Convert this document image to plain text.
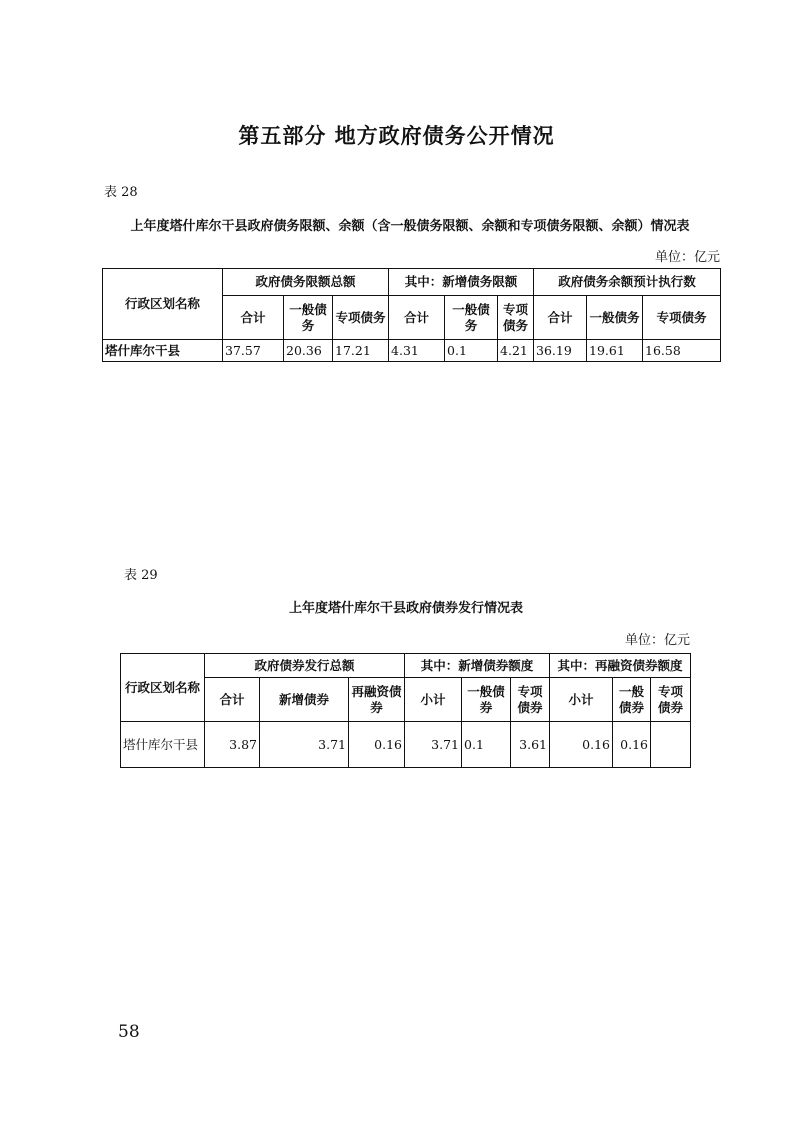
第五部分 地方政府债务公开情况
表 28
上年度塔什库尔干县政府债务限额、余额（含一般债务限额、余额和专项债务限额、余额）情况表
单位：亿元
行政区划名称	政府债务限额总额			其中：新增债务限额			政府债务余额预计执行数		
	合计	一般债务	专项债务	合计	一般债务	专项债务	合计	一般债务	专项债务
塔什库尔干县	37.57	20.36	17.21	4.31	0.1	4.21	36.19	19.61	16.58
表 29
上年度塔什库尔干县政府债券发行情况表
单位：亿元
行政区划名称	政府债券发行总额			其中：新增债券额度			其中：再融资债券额度		
	合计	新增债券	再融资债券	小计	一般债券	专项债券	小计	一般债券	专项债券
塔什库尔干县	3.87	3.71	0.16	3.71	0.1	3.61	0.16	0.16	
58
